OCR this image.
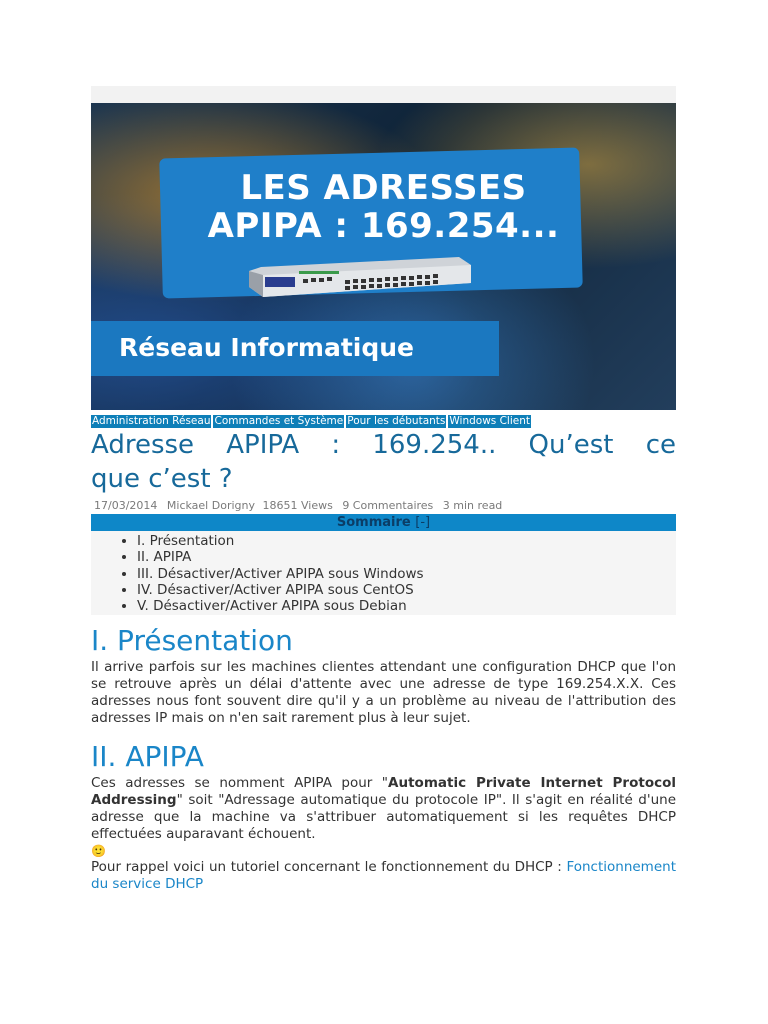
LES ADRESSES
APIPA : 169.254...
Réseau Informatique
Administration Réseau Commandes et Système Pour les débutants Windows Client
Adresse APIPA : 169.254.. Qu’est ce
que c’est ?
17/03/2014 Mickael Dorigny 18651 Views 9 Commentaires 3 min read
Sommaire [-]
• I. Présentation
• II. APIPA
• III. Désactiver/Activer APIPA sous Windows
• IV. Désactiver/Activer APIPA sous CentOS
• V. Désactiver/Activer APIPA sous Debian
I. Présentation

Il arrive parfois sur les machines clientes attendant une configuration DHCP que l'on se retrouve après un délai d'attente avec une adresse de type 169.254.X.X. Ces adresses nous font souvent dire qu'il y a un problème au niveau de l'attribution des adresses IP mais on n'en sait rarement plus à leur sujet.

II. APIPA

Ces adresses se nomment APIPA pour "Automatic Private Internet Protocol Addressing" soit "Adressage automatique du protocole IP". Il s'agit en réalité d'une adresse que la machine va s'attribuer automatiquement si les requêtes DHCP effectuées auparavant échouent.

🙂

Pour rappel voici un tutoriel concernant le fonctionnement du DHCP : Fonctionnement du service DHCP
